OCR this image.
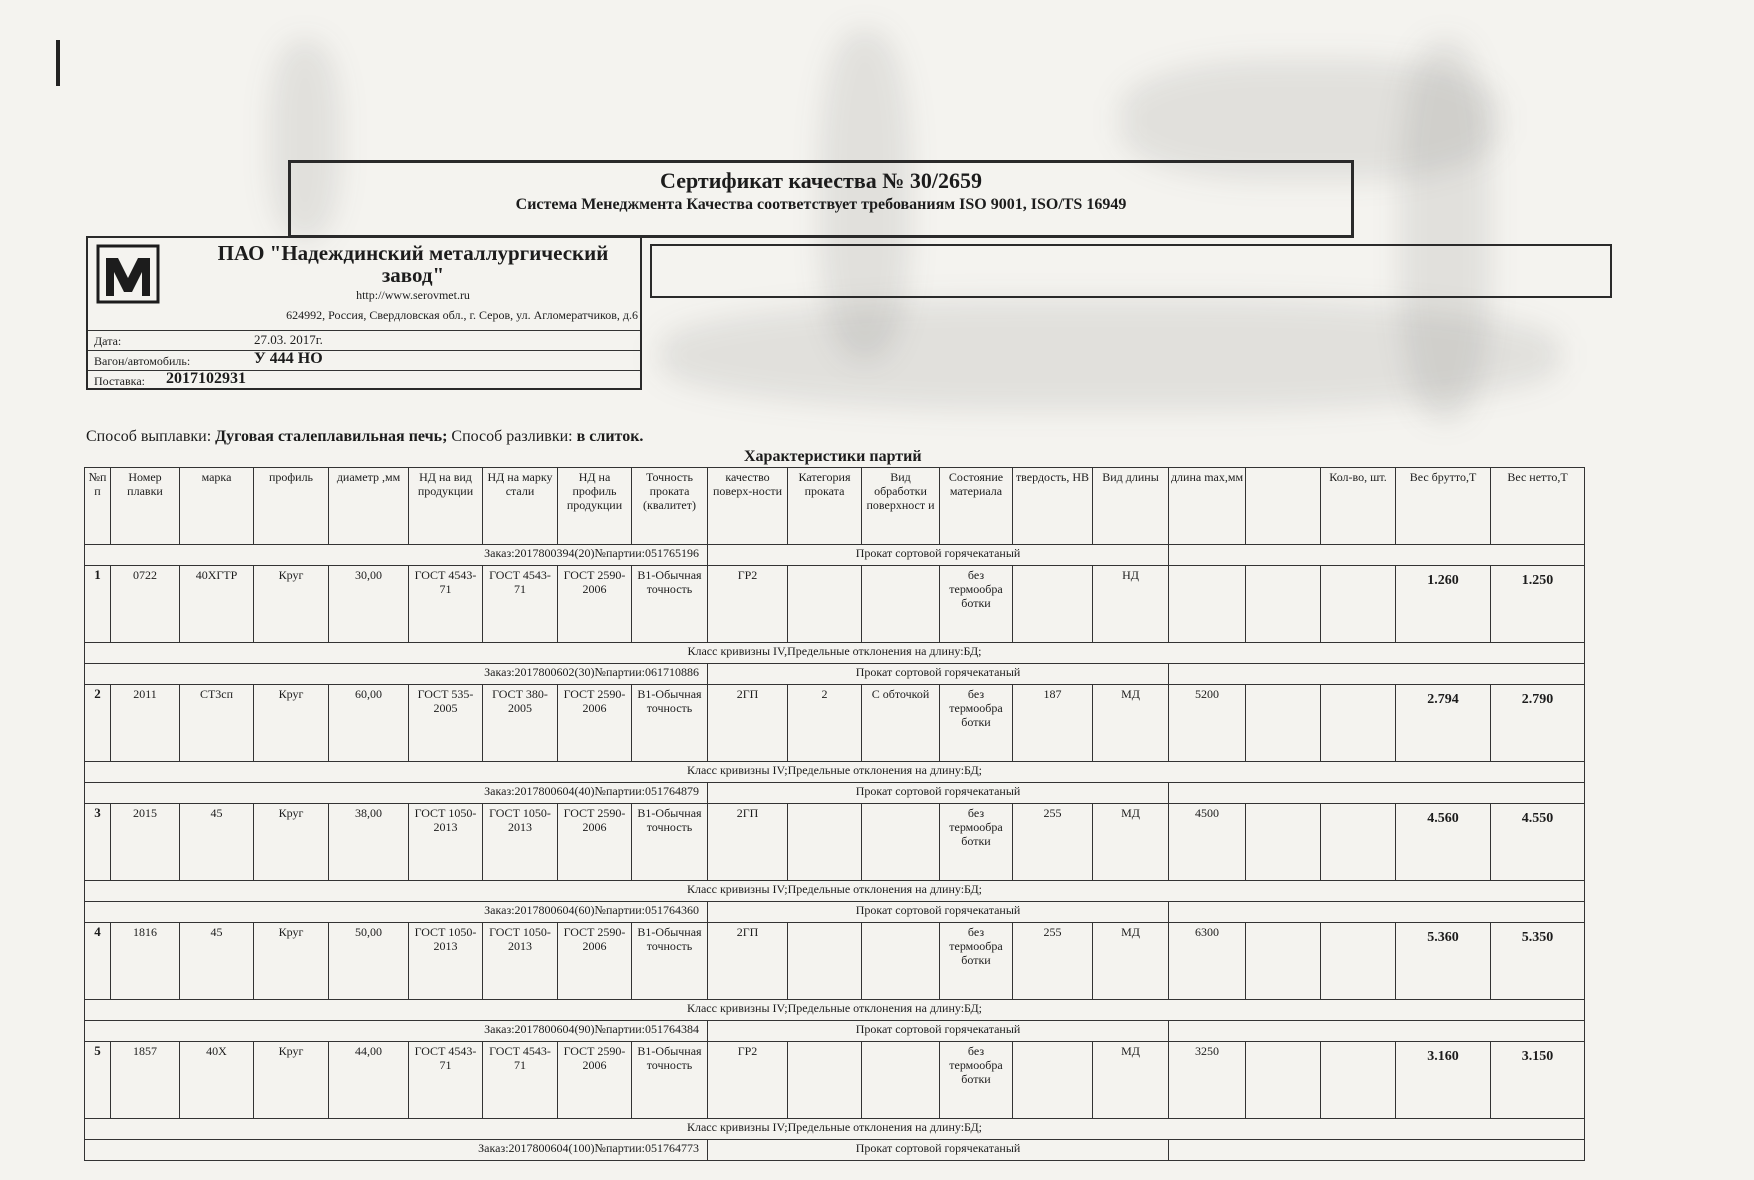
Сертификат качества № 30/2659
Система Менеджмента Качества соответствует требованиям ISO 9001, ISO/TS 16949
ПАО "Надеждинский металлургический завод"
http://www.serovmet.ru
624992, Россия, Свердловская обл., г. Серов, ул. Агломератчиков, д.6
Дата:	27.03. 2017г.
Вагон/автомобиль:	У 444 НО
Поставка: 2017102931
Способ выплавки: Дуговая сталеплавильная печь; Способ разливки: в слиток.
Характеристики партий
№п п	Номер плавки	марка	профиль	диаметр ,мм	НД на вид продукции	НД на марку стали	НД на профиль продукции	Точность проката (квалитет)	качество поверх-ности	Категория проката	Вид обработки поверхност и	Состояние материала	твердость, НВ	Вид длины	длина max,мм		Кол-во, шт.	Вес брутто,Т	Вес нетто,Т
Заказ:2017800394(20)№партии:051765196									Прокат сортовой горячекатаный										
1	0722	40ХГТР	Круг	30,00	ГОСТ 4543-71	ГОСТ 4543-71	ГОСТ 2590-2006	В1-Обычная точность	ГР2			без термообра ботки		НД				1.260	1.250
Класс кривизны IV,Предельные отклонения на длину:БД;																			
Заказ:2017800602(30)№партии:061710886									Прокат сортовой горячекатаный										
2	2011	СТ3сп	Круг	60,00	ГОСТ 535-2005	ГОСТ 380-2005	ГОСТ 2590-2006	В1-Обычная точность	2ГП	2	С обточкой	без термообра ботки	187	МД	5200			2.794	2.790
Класс кривизны IV;Предельные отклонения на длину:БД;																			
Заказ:2017800604(40)№партии:051764879									Прокат сортовой горячекатаный										
3	2015	45	Круг	38,00	ГОСТ 1050-2013	ГОСТ 1050-2013	ГОСТ 2590-2006	В1-Обычная точность	2ГП			без термообра ботки	255	МД	4500			4.560	4.550
Класс кривизны IV;Предельные отклонения на длину:БД;																			
Заказ:2017800604(60)№партии:051764360									Прокат сортовой горячекатаный										
4	1816	45	Круг	50,00	ГОСТ 1050-2013	ГОСТ 1050-2013	ГОСТ 2590-2006	В1-Обычная точность	2ГП			без термообра ботки	255	МД	6300			5.360	5.350
Класс кривизны IV;Предельные отклонения на длину:БД;																			
Заказ:2017800604(90)№партии:051764384									Прокат сортовой горячекатаный										
5	1857	40Х	Круг	44,00	ГОСТ 4543-71	ГОСТ 4543-71	ГОСТ 2590-2006	В1-Обычная точность	ГР2			без термообра ботки		МД	3250			3.160	3.150
Класс кривизны IV;Предельные отклонения на длину:БД;																			
Заказ:2017800604(100)№партии:051764773									Прокат сортовой горячекатаный										
